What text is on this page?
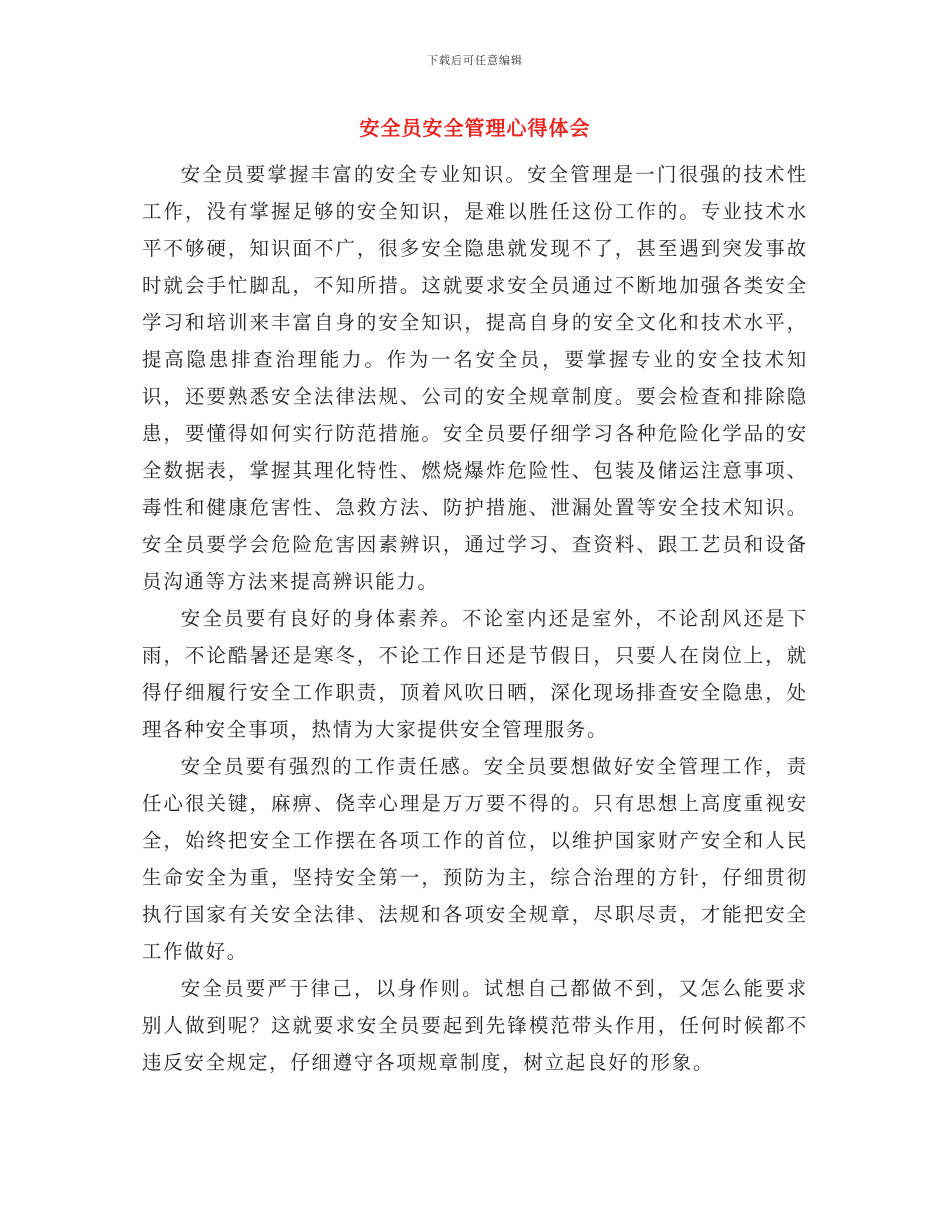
下载后可任意编辑
安全员安全管理心得体会

安全员要掌握丰富的安全专业知识。安全管理是一门很强的技术性工作，没有掌握足够的安全知识，是难以胜任这份工作的。专业技术水平不够硬，知识面不广，很多安全隐患就发现不了，甚至遇到突发事故时就会手忙脚乱，不知所措。这就要求安全员通过不断地加强各类安全学习和培训来丰富自身的安全知识，提高自身的安全文化和技术水平，提高隐患排查治理能力。作为一名安全员，要掌握专业的安全技术知识，还要熟悉安全法律法规、公司的安全规章制度。要会检查和排除隐患，要懂得如何实行防范措施。安全员要仔细学习各种危险化学品的安全数据表，掌握其理化特性、燃烧爆炸危险性、包装及储运注意事项、毒性和健康危害性、急救方法、防护措施、泄漏处置等安全技术知识。安全员要学会危险危害因素辨识，通过学习、查资料、跟工艺员和设备员沟通等方法来提高辨识能力。

安全员要有良好的身体素养。不论室内还是室外，不论刮风还是下雨，不论酷暑还是寒冬，不论工作日还是节假日，只要人在岗位上，就得仔细履行安全工作职责，顶着风吹日晒，深化现场排查安全隐患，处理各种安全事项，热情为大家提供安全管理服务。

安全员要有强烈的工作责任感。安全员要想做好安全管理工作，责任心很关键，麻痹、侥幸心理是万万要不得的。只有思想上高度重视安全，始终把安全工作摆在各项工作的首位，以维护国家财产安全和人民生命安全为重，坚持安全第一，预防为主，综合治理的方针，仔细贯彻执行国家有关安全法律、法规和各项安全规章，尽职尽责，才能把安全工作做好。

安全员要严于律己，以身作则。试想自己都做不到，又怎么能要求别人做到呢？这就要求安全员要起到先锋模范带头作用，任何时候都不违反安全规定，仔细遵守各项规章制度，树立起良好的形象。
